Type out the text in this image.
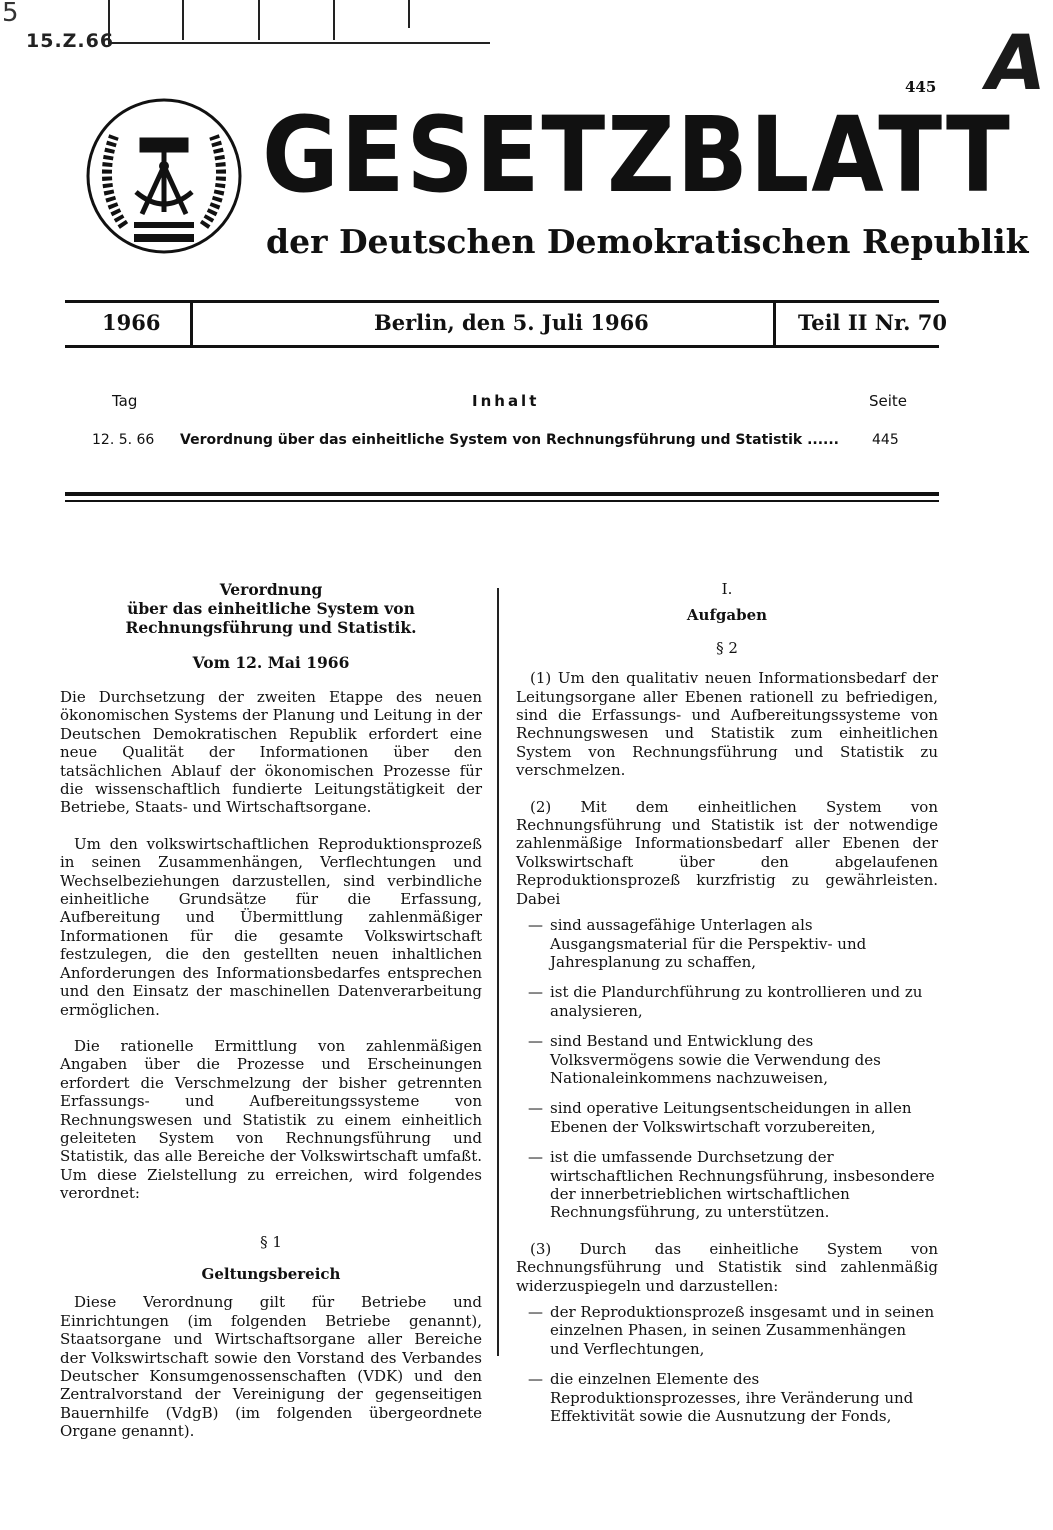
5
15.Z.66	A
445
GESETZBLATT
der Deutschen Demokratischen Republik
1966	Berlin, den 5. Juli 1966	Teil II Nr. 70
Tag	Inhalt	Seite
12. 5. 66 Verordnung über das einheitliche System von Rechnungsführung und Statistik ...... 445
Verordnung
über das einheitliche System von
Rechnungsführung und Statistik.
Vom 12. Mai 1966

Die Durchsetzung der zweiten Etappe des neuen ökonomischen Systems der Planung und Leitung in der Deutschen Demokratischen Republik erfordert eine neue Qualität der Informationen über den tatsächlichen Ablauf der ökonomischen Prozesse für die wissenschaftlich fundierte Leitungstätigkeit der Betriebe, Staats- und Wirtschaftsorgane.

Um den volkswirtschaftlichen Reproduktionsprozeß in seinen Zusammenhängen, Verflechtungen und Wechselbeziehungen darzustellen, sind verbindliche einheitliche Grundsätze für die Erfassung, Aufbereitung und Übermittlung zahlenmäßiger Informationen für die gesamte Volkswirtschaft festzulegen, die den gestellten neuen inhaltlichen Anforderungen des Informationsbedarfes entsprechen und den Einsatz der maschinellen Datenverarbeitung ermöglichen.

Die rationelle Ermittlung von zahlenmäßigen Angaben über die Prozesse und Erscheinungen erfordert die Verschmelzung der bisher getrennten Erfassungs- und Aufbereitungssysteme von Rechnungswesen und Statistik zu einem einheitlich geleiteten System von Rechnungsführung und Statistik, das alle Bereiche der Volkswirtschaft umfaßt. Um diese Zielstellung zu erreichen, wird folgendes verordnet:

§ 1
Geltungsbereich

Diese Verordnung gilt für Betriebe und Einrichtungen (im folgenden Betriebe genannt), Staatsorgane und Wirtschaftsorgane aller Bereiche der Volkswirtschaft sowie den Vorstand des Verbandes Deutscher Konsumgenossenschaften (VDK) und den Zentralvorstand der Vereinigung der gegenseitigen Bauernhilfe (VdgB) (im folgenden übergeordnete Organe genannt).

I.
Aufgaben
§ 2

(1) Um den qualitativ neuen Informationsbedarf der Leitungsorgane aller Ebenen rationell zu befriedigen, sind die Erfassungs- und Aufbereitungssysteme von Rechnungswesen und Statistik zum einheitlichen System von Rechnungsführung und Statistik zu verschmelzen.

(2) Mit dem einheitlichen System von Rechnungsführung und Statistik ist der notwendige zahlenmäßige Informationsbedarf aller Ebenen der Volkswirtschaft über den abgelaufenen Reproduktionsprozeß kurzfristig zu gewährleisten. Dabei

— sind aussagefähige Unterlagen als Ausgangsmaterial für die Perspektiv- und Jahresplanung zu schaffen,
— ist die Plandurchführung zu kontrollieren und zu analysieren,
— sind Bestand und Entwicklung des Volksvermögens sowie die Verwendung des Nationaleinkommens nachzuweisen,
— sind operative Leitungsentscheidungen in allen Ebenen der Volkswirtschaft vorzubereiten,
— ist die umfassende Durchsetzung der wirtschaftlichen Rechnungsführung, insbesondere der innerbetrieblichen wirtschaftlichen Rechnungsführung, zu unterstützen.

(3) Durch das einheitliche System von Rechnungsführung und Statistik sind zahlenmäßig widerzuspiegeln und darzustellen:

— der Reproduktionsprozeß insgesamt und in seinen einzelnen Phasen, in seinen Zusammenhängen und Verflechtungen,
— die einzelnen Elemente des Reproduktionsprozesses, ihre Veränderung und Effektivität sowie die Ausnutzung der Fonds,
